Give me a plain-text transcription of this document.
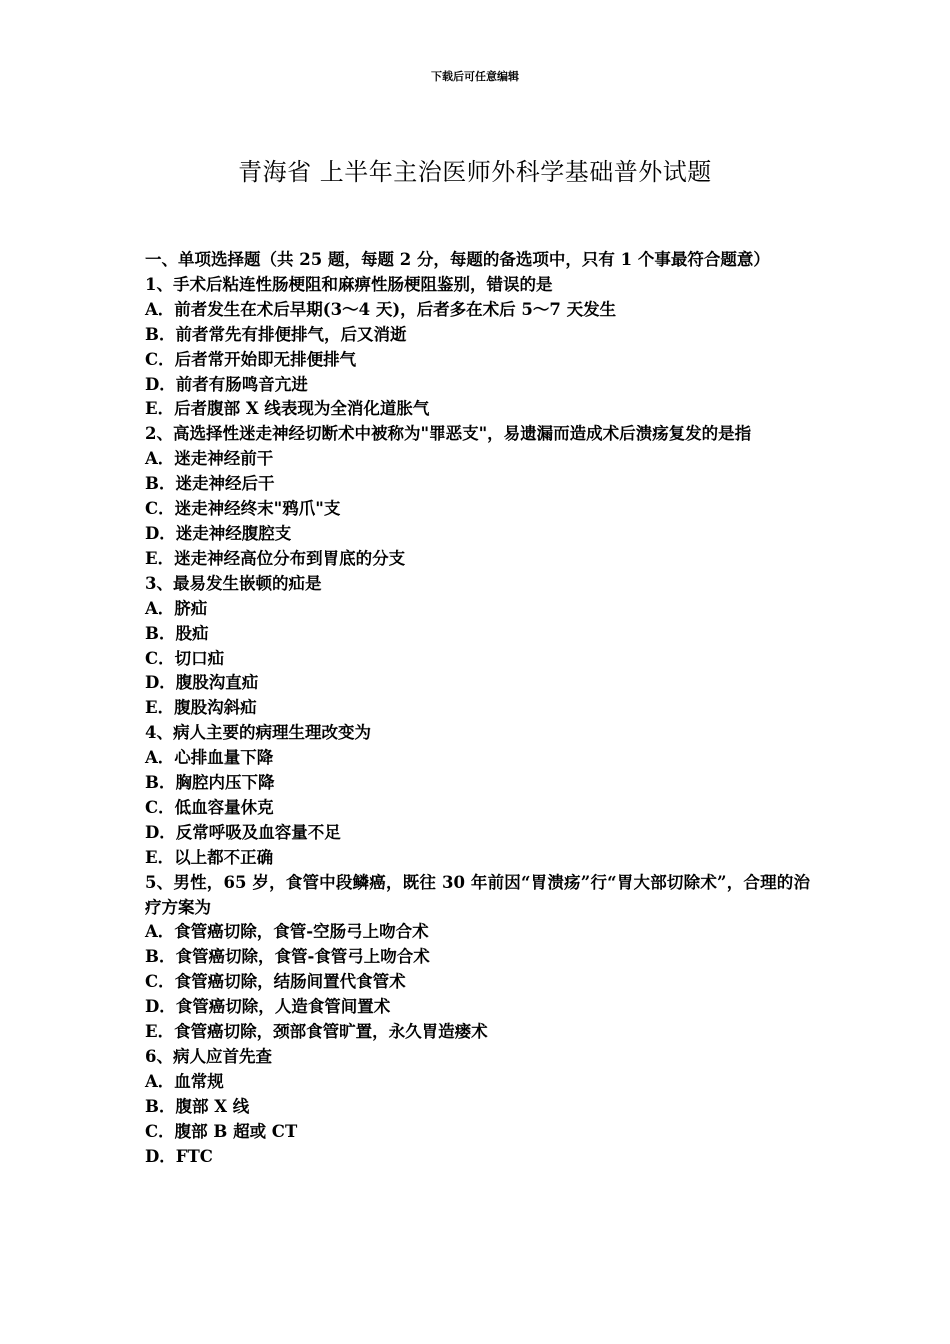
下载后可任意编辑
青海省 上半年主治医师外科学基础普外试题

一、单项选择题（共 25 题，每题 2 分，每题的备选项中，只有 1 个事最符合题意）

1、手术后粘连性肠梗阻和麻痹性肠梗阻鉴别，错误的是

A．前者发生在术后早期(3～4 天)，后者多在术后 5～7 天发生

B．前者常先有排便排气，后又消逝

C．后者常开始即无排便排气

D．前者有肠鸣音亢进

E．后者腹部 X 线表现为全消化道胀气

2、高选择性迷走神经切断术中被称为"罪恶支"，易遗漏而造成术后溃疡复发的是指

A．迷走神经前干

B．迷走神经后干

C．迷走神经终末"鸦爪"支

D．迷走神经腹腔支

E．迷走神经高位分布到胃底的分支

3、最易发生嵌顿的疝是

A．脐疝

B．股疝

C．切口疝

D．腹股沟直疝

E．腹股沟斜疝

4、病人主要的病理生理改变为

A．心排血量下降

B．胸腔内压下降

C．低血容量休克

D．反常呼吸及血容量不足

E．以上都不正确

5、男性，65 岁，食管中段鳞癌，既往 30 年前因“胃溃疡”行“胃大部切除术”，合理的治疗方案为

A．食管癌切除，食管-空肠弓上吻合术

B．食管癌切除，食管-食管弓上吻合术

C．食管癌切除，结肠间置代食管术

D．食管癌切除，人造食管间置术

E．食管癌切除，颈部食管旷置，永久胃造瘘术

6、病人应首先查

A．血常规

B．腹部 X 线

C．腹部 B 超或 CT

D．FTC
